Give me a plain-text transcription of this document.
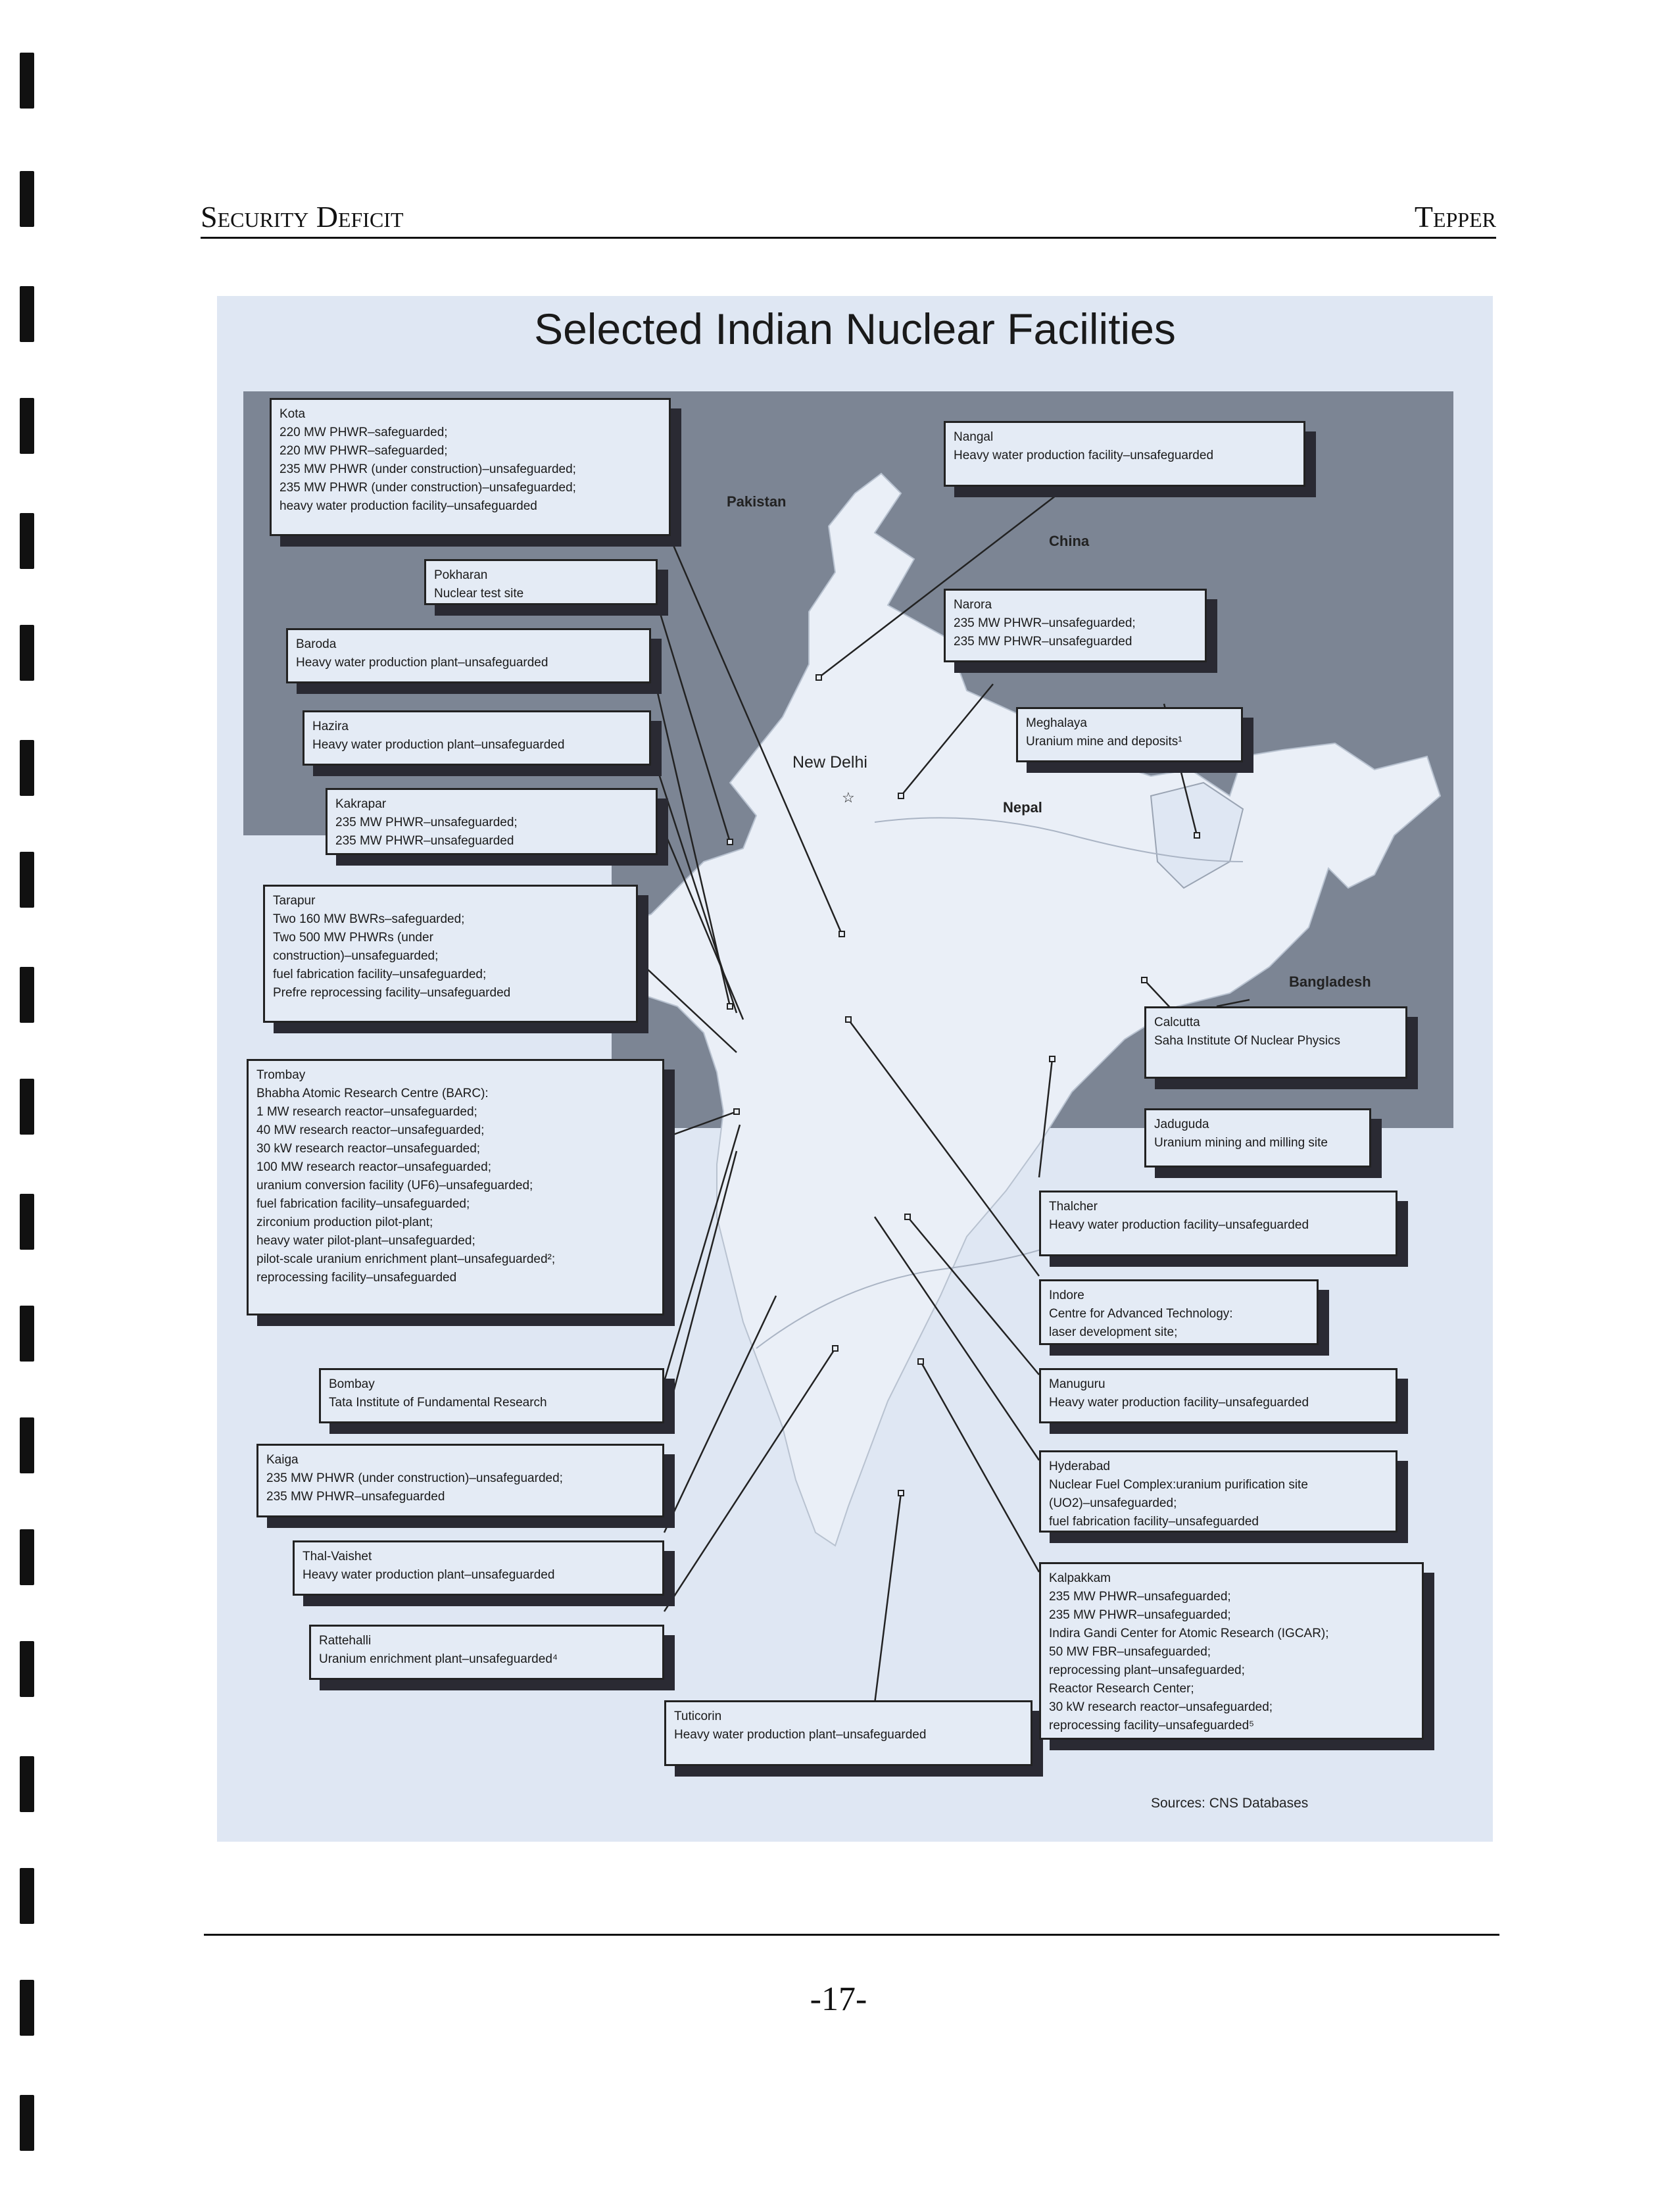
Security Deficit	Tepper
☆
Selected Indian Nuclear Facilities
Pakistan
China
Nepal
Bangladesh
New Delhi
Kota
220 MW PHWR–safeguarded;
220 MW PHWR–safeguarded;
235 MW PHWR (under construction)–unsafeguarded;
235 MW PHWR (under construction)–unsafeguarded;
heavy water production facility–unsafeguarded
Pokharan
Nuclear test site
Baroda
Heavy water production plant–unsafeguarded
Hazira
Heavy water production plant–unsafeguarded
Kakrapar
235 MW PHWR–unsafeguarded;
235 MW PHWR–unsafeguarded
Tarapur
Two 160 MW BWRs–safeguarded;
Two 500 MW PHWRs (under
construction)–unsafeguarded;
fuel fabrication facility–unsafeguarded;
Prefre reprocessing facility–unsafeguarded
Trombay
Bhabha Atomic Research Centre (BARC):
1 MW research reactor–unsafeguarded;
40 MW research reactor–unsafeguarded;
30 kW research reactor–unsafeguarded;
100 MW research reactor–unsafeguarded;
uranium conversion facility (UF6)–unsafeguarded;
fuel fabrication facility–unsafeguarded;
zirconium production pilot-plant;
heavy water pilot-plant–unsafeguarded;
pilot-scale uranium enrichment plant–unsafeguarded²;
reprocessing facility–unsafeguarded
Bombay
Tata Institute of Fundamental Research
Kaiga
235 MW PHWR (under construction)–unsafeguarded;
235 MW PHWR–unsafeguarded
Thal-Vaishet
Heavy water production plant–unsafeguarded
Rattehalli
Uranium enrichment plant–unsafeguarded⁴
Tuticorin
Heavy water production plant–unsafeguarded
Nangal
Heavy water production facility–unsafeguarded
Narora
235 MW PHWR–unsafeguarded;
235 MW PHWR–unsafeguarded
Meghalaya
Uranium mine and deposits¹
Calcutta
Saha Institute Of Nuclear Physics
Jaduguda
Uranium mining and milling site
Thalcher
Heavy water production facility–unsafeguarded
Indore
Centre for Advanced Technology:
laser development site;
Manuguru
Heavy water production facility–unsafeguarded
Hyderabad
Nuclear Fuel Complex:uranium purification site
(UO2)–unsafeguarded;
fuel fabrication facility–unsafeguarded
Kalpakkam
235 MW PHWR–unsafeguarded;
235 MW PHWR–unsafeguarded;
Indira Gandi Center for Atomic Research (IGCAR);
50 MW FBR–unsafeguarded;
reprocessing plant–unsafeguarded;
Reactor Research Center;
30 kW research reactor–unsafeguarded;
reprocessing facility–unsafeguarded⁵
Sources: CNS Databases
-17-
